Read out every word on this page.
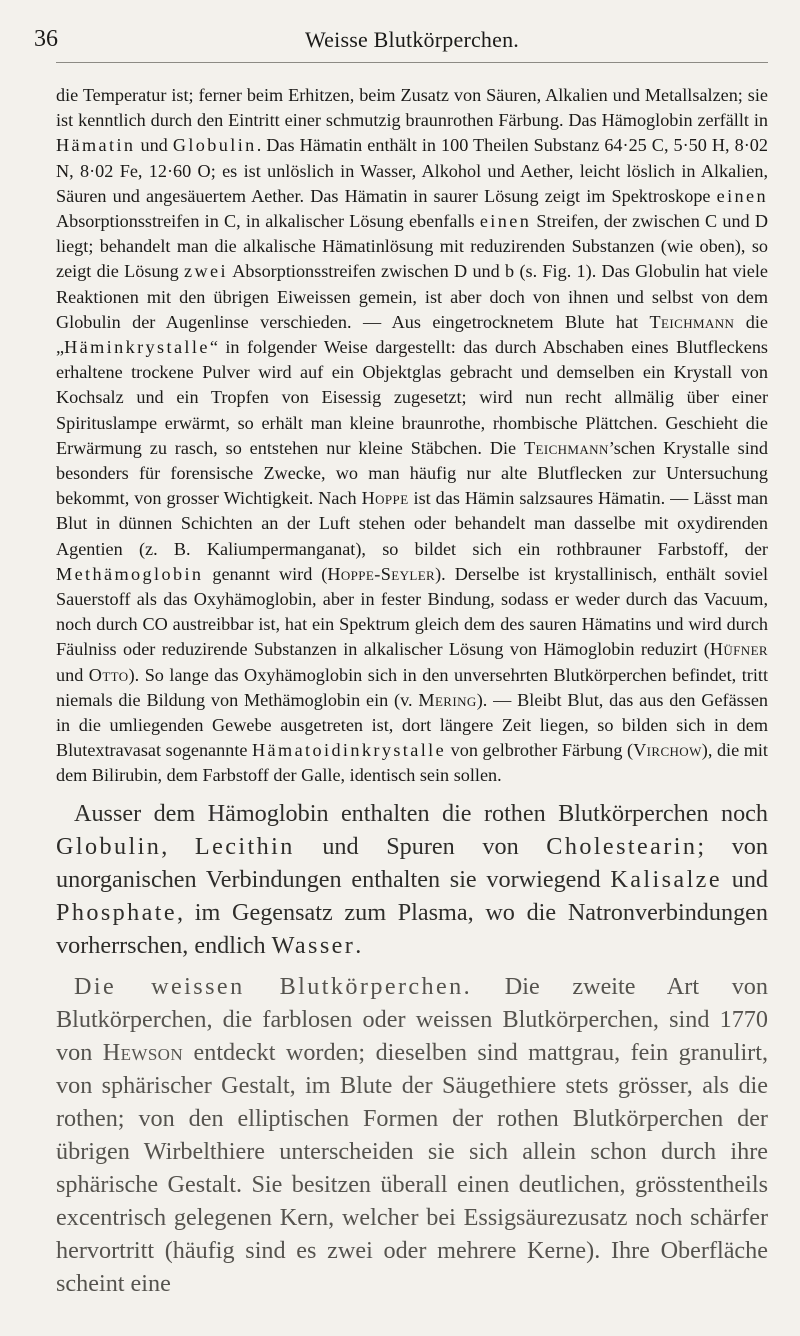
36	Weisse Blutkörperchen.

die Temperatur ist; ferner beim Erhitzen, beim Zusatz von Säuren, Alkalien und Metallsalzen; sie ist kenntlich durch den Eintritt einer schmutzig braunrothen Färbung. Das Hämoglobin zerfällt in Hämatin und Globulin. Das Hämatin enthält in 100 Theilen Substanz 64·25 C, 5·50 H, 8·02 N, 8·02 Fe, 12·60 O; es ist unlöslich in Wasser, Alkohol und Aether, leicht löslich in Alkalien, Säuren und angesäuertem Aether. Das Hämatin in saurer Lösung zeigt im Spektroskope einen Absorptionsstreifen in C, in alkalischer Lösung ebenfalls einen Streifen, der zwischen C und D liegt; behandelt man die alkalische Hämatinlösung mit reduzirenden Substanzen (wie oben), so zeigt die Lösung zwei Absorptionsstreifen zwischen D und b (s. Fig. 1). Das Globulin hat viele Reaktionen mit den übrigen Eiweissen gemein, ist aber doch von ihnen und selbst von dem Globulin der Augenlinse verschieden. — Aus eingetrocknetem Blute hat Teichmann die „Häminkrystalle“ in folgender Weise dargestellt: das durch Abschaben eines Blutfleckens erhaltene trockene Pulver wird auf ein Objektglas gebracht und demselben ein Krystall von Kochsalz und ein Tropfen von Eisessig zugesetzt; wird nun recht allmälig über einer Spirituslampe erwärmt, so erhält man kleine braunrothe, rhombische Plättchen. Geschieht die Erwärmung zu rasch, so entstehen nur kleine Stäbchen. Die Teichmann’schen Krystalle sind besonders für forensische Zwecke, wo man häufig nur alte Blutflecken zur Untersuchung bekommt, von grosser Wichtigkeit. Nach Hoppe ist das Hämin salzsaures Hämatin. — Lässt man Blut in dünnen Schichten an der Luft stehen oder behandelt man dasselbe mit oxydirenden Agentien (z. B. Kaliumpermanganat), so bildet sich ein rothbrauner Farbstoff, der Methämoglobin genannt wird (Hoppe-Seyler). Derselbe ist krystallinisch, enthält soviel Sauerstoff als das Oxyhämoglobin, aber in fester Bindung, sodass er weder durch das Vacuum, noch durch CO austreibbar ist, hat ein Spektrum gleich dem des sauren Hämatins und wird durch Fäulniss oder reduzirende Substanzen in alkalischer Lösung von Hämoglobin reduzirt (Hüfner und Otto). So lange das Oxyhämoglobin sich in den unversehrten Blutkörperchen befindet, tritt niemals die Bildung von Methämoglobin ein (v. Mering). — Bleibt Blut, das aus den Gefässen in die umliegenden Gewebe ausgetreten ist, dort längere Zeit liegen, so bilden sich in dem Blutextravasat sogenannte Hämatoidinkrystalle von gelbrother Färbung (Virchow), die mit dem Bilirubin, dem Farbstoff der Galle, identisch sein sollen.

Ausser dem Hämoglobin enthalten die rothen Blutkörperchen noch Globulin, Lecithin und Spuren von Cholestearin; von unorganischen Verbindungen enthalten sie vorwiegend Kalisalze und Phosphate, im Gegensatz zum Plasma, wo die Natronverbindungen vorherrschen, endlich Wasser.

Die weissen Blutkörperchen. Die zweite Art von Blutkörperchen, die farblosen oder weissen Blutkörperchen, sind 1770 von Hewson entdeckt worden; dieselben sind mattgrau, fein granulirt, von sphärischer Gestalt, im Blute der Säugethiere stets grösser, als die rothen; von den elliptischen Formen der rothen Blutkörperchen der übrigen Wirbelthiere unterscheiden sie sich allein schon durch ihre sphärische Gestalt. Sie besitzen überall einen deutlichen, grösstentheils excentrisch gelegenen Kern, welcher bei Essigsäurezusatz noch schärfer hervortritt (häufig sind es zwei oder mehrere Kerne). Ihre Oberfläche scheint eine
